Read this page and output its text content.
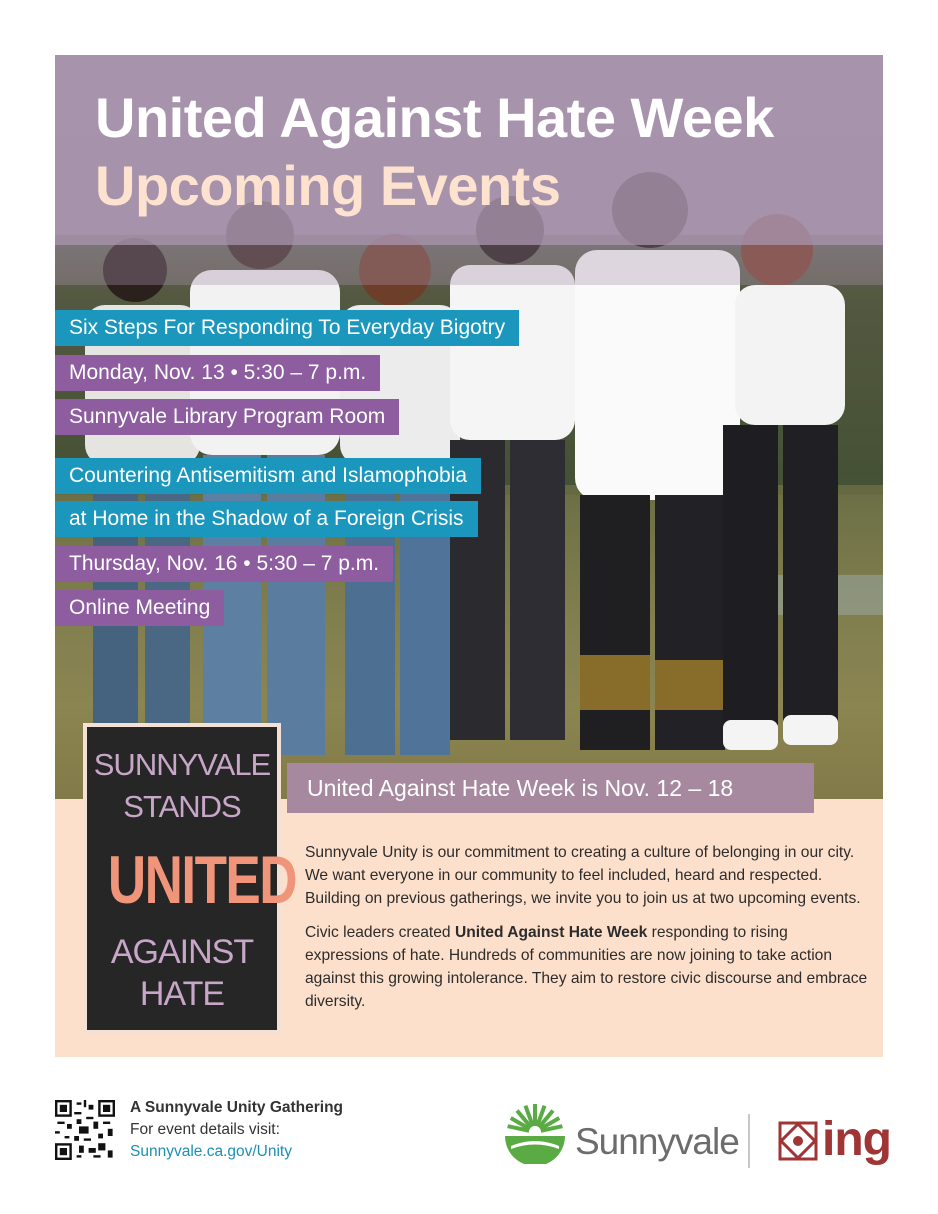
United Against Hate Week
Upcoming Events
Six Steps For Responding To Everyday Bigotry
Monday, Nov. 13 • 5:30 – 7 p.m.
Sunnyvale Library Program Room
Countering Antisemitism and Islamophobia
at Home in the Shadow of a Foreign Crisis
Thursday, Nov. 16 • 5:30 – 7 p.m.
Online Meeting
SUNNYVALE
STANDS
UNITED
AGAINST
HATE
United Against Hate Week is Nov. 12 – 18

Sunnyvale Unity is our commitment to creating a culture of belonging in our city. We want everyone in our community to feel included, heard and respected. Building on previous gatherings, we invite you to join us at two upcoming events.

Civic leaders created United Against Hate Week responding to rising expressions of hate. Hundreds of communities are now joining to take action against this growing intolerance. They aim to restore civic discourse and embrace diversity.

A Sunnyvale Unity Gathering
For event details visit:
Sunnyvale.ca.gov/Unity	Sunnyvale ing
